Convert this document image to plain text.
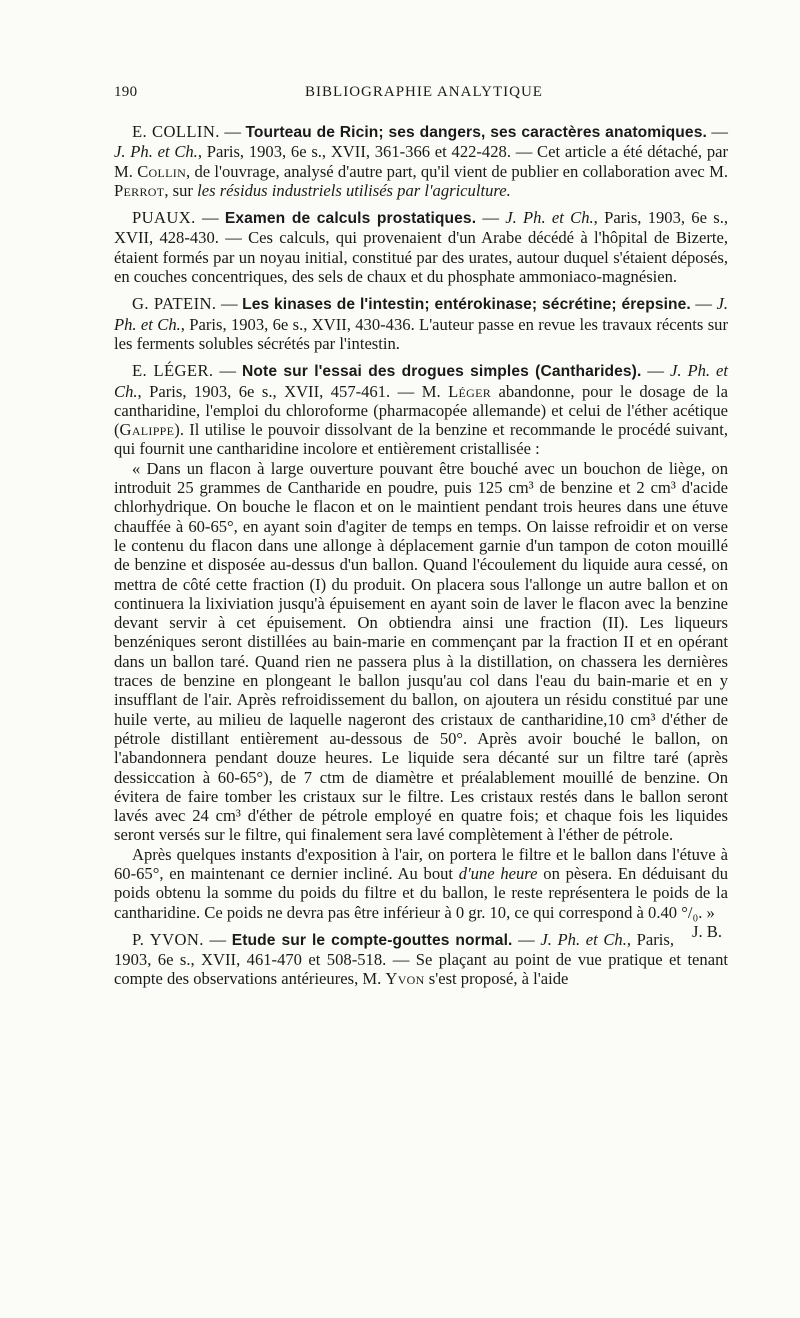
190	BIBLIOGRAPHIE ANALYTIQUE

E. COLLIN. — Tourteau de Ricin; ses dangers, ses caractères anatomiques. — J. Ph. et Ch., Paris, 1903, 6e s., XVII, 361-366 et 422-428. — Cet article a été détaché, par M. Collin, de l'ouvrage, analysé d'autre part, qu'il vient de publier en collaboration avec M. Perrot, sur les résidus industriels utilisés par l'agriculture.

PUAUX. — Examen de calculs prostatiques. — J. Ph. et Ch., Paris, 1903, 6e s., XVII, 428-430. — Ces calculs, qui provenaient d'un Arabe décédé à l'hôpital de Bizerte, étaient formés par un noyau initial, constitué par des urates, autour duquel s'étaient déposés, en couches concentriques, des sels de chaux et du phosphate ammoniaco-magnésien.

G. PATEIN. — Les kinases de l'intestin; entérokinase; sécrétine; érepsine. — J. Ph. et Ch., Paris, 1903, 6e s., XVII, 430-436. L'auteur passe en revue les travaux récents sur les ferments solubles sécrétés par l'intestin.

E. LÉGER. — Note sur l'essai des drogues simples (Cantharides). — J. Ph. et Ch., Paris, 1903, 6e s., XVII, 457-461. — M. Léger abandonne, pour le dosage de la cantharidine, l'emploi du chloroforme (pharmacopée allemande) et celui de l'éther acétique (Galippe). Il utilise le pouvoir dissolvant de la benzine et recommande le procédé suivant, qui fournit une cantharidine incolore et entièrement cristallisée :

« Dans un flacon à large ouverture pouvant être bouché avec un bouchon de liège, on introduit 25 grammes de Cantharide en poudre, puis 125 cm³ de benzine et 2 cm³ d'acide chlorhydrique. On bouche le flacon et on le maintient pendant trois heures dans une étuve chauffée à 60-65°, en ayant soin d'agiter de temps en temps. On laisse refroidir et on verse le contenu du flacon dans une allonge à déplacement garnie d'un tampon de coton mouillé de benzine et disposée au-dessus d'un ballon. Quand l'écoulement du liquide aura cessé, on mettra de côté cette fraction (I) du produit. On placera sous l'allonge un autre ballon et on continuera la lixiviation jusqu'à épuisement en ayant soin de laver le flacon avec la benzine devant servir à cet épuisement. On obtiendra ainsi une fraction (II). Les liqueurs benzéniques seront distillées au bain-marie en commençant par la fraction II et en opérant dans un ballon taré. Quand rien ne passera plus à la distillation, on chassera les dernières traces de benzine en plongeant le ballon jusqu'au col dans l'eau du bain-marie et en y insufflant de l'air. Après refroidissement du ballon, on ajoutera un résidu constitué par une huile verte, au milieu de laquelle nageront des cristaux de cantharidine,10 cm³ d'éther de pétrole distillant entièrement au-dessous de 50°. Après avoir bouché le ballon, on l'abandonnera pendant douze heures. Le liquide sera décanté sur un filtre taré (après dessiccation à 60-65°), de 7 ctm de diamètre et préalablement mouillé de benzine. On évitera de faire tomber les cristaux sur le filtre. Les cristaux restés dans le ballon seront lavés avec 24 cm³ d'éther de pétrole employé en quatre fois; et chaque fois les liquides seront versés sur le filtre, qui finalement sera lavé complètement à l'éther de pétrole.

Après quelques instants d'exposition à l'air, on portera le filtre et le ballon dans l'étuve à 60-65°, en maintenant ce dernier incliné. Au bout d'une heure on pèsera. En déduisant du poids obtenu la somme du poids du filtre et du ballon, le reste représentera le poids de la cantharidine. Ce poids ne devra pas être inférieur à 0 gr. 10, ce qui correspond à 0.40 °/₀. »
J. B.

P. YVON. — Etude sur le compte-gouttes normal. — J. Ph. et Ch., Paris, 1903, 6e s., XVII, 461-470 et 508-518. — Se plaçant au point de vue pratique et tenant compte des observations antérieures, M. Yvon s'est proposé, à l'aide
